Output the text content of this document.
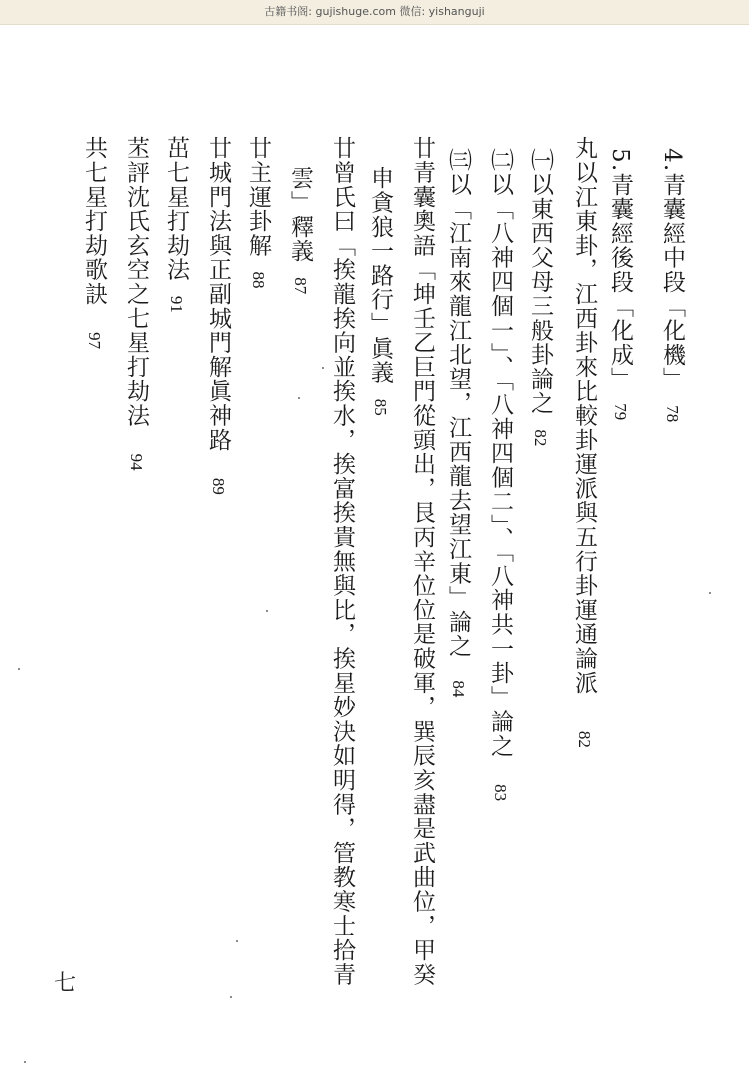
古籍书阁: gujishuge.com 微信: yishanguji
4.青囊經中段「化機」78
5.青囊經後段「化成」79
丸以江東卦，江西卦來比較卦運派與五行卦運通論派82
㈠以東西父母三般卦論之82
㈡以「八神四個一」、「八神四個二」、「八神共一卦」論之83
㈢以「江南來龍江北望，江西龍去望江東」論之84
廿青囊奧語「坤壬乙巨門從頭出，艮丙辛位位是破軍，巽辰亥盡是武曲位，甲癸
申貪狼一路行」眞義85
廿曾氏曰「挨龍挨向並挨水，挨富挨貴無與比，挨星妙決如明得，管教寒士拾青
雲」釋義87
廿主運卦解88
廿城門法與正副城門解眞神路89
茁七星打劫法91
苤評沈氏玄空之七星打劫法94
共七星打劫歌訣97
七
